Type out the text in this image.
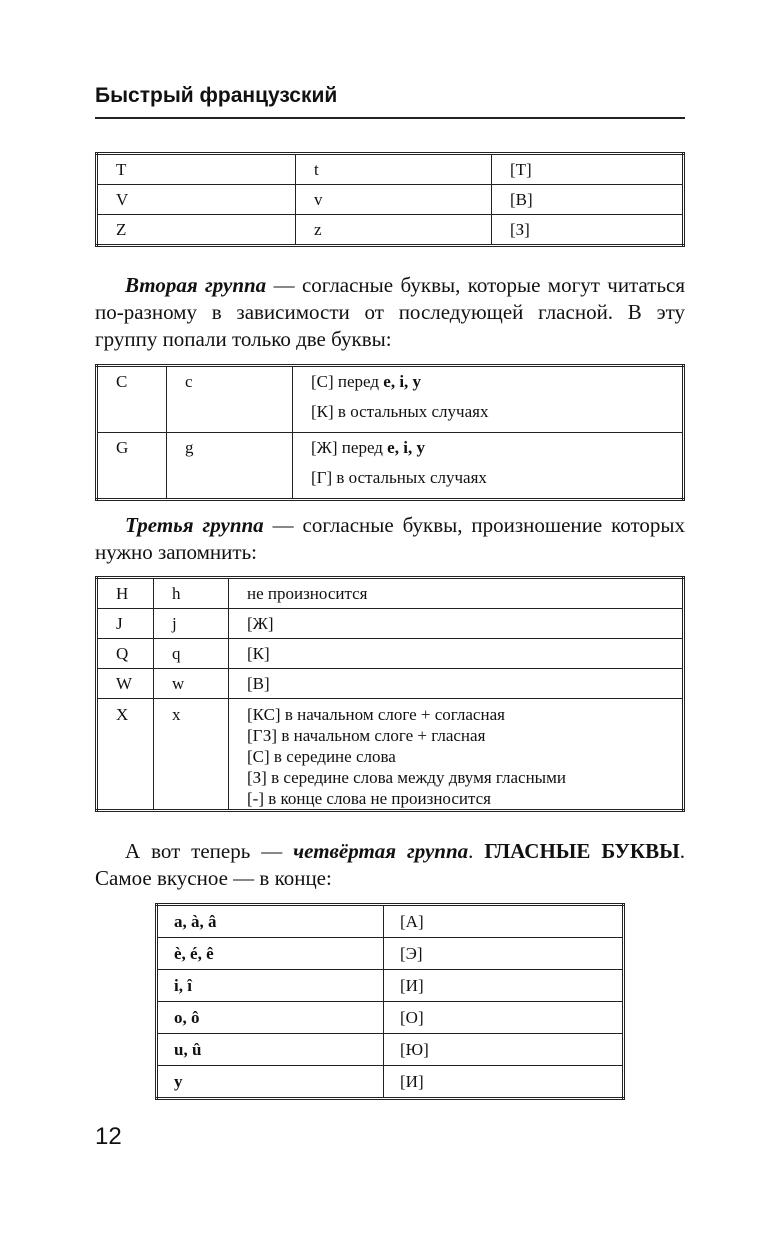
Быстрый французский
T	t	[Т]
V	v	[В]
Z	z	[З]

Вторая группа — согласные буквы, которые могут читаться по-разному в зависимости от последующей гласной. В эту группу попали только две буквы:

C	c	[С] перед e, i, y
[К] в остальных случаях

G	g	[Ж] перед e, i, y
[Г] в остальных случаях

Третья группа — согласные буквы, произношение которых нужно запомнить:

H	h	не произносится
J	j	[Ж]
Q	q	[К]
W	w	[В]
X	x	[КС] в начальном слоге + согласная
[ГЗ] в начальном слоге + гласная
[С] в середине слова
[З] в середине слова между двумя гласными
[-] в конце слова не произносится

А вот теперь — четвёртая группа. ГЛАСНЫЕ БУКВЫ. Самое вкусное — в конце:

a, à, â	[А]
è, é, ê	[Э]
i, î	[И]
o, ô	[О]
u, û	[Ю]
y	[И]
12
